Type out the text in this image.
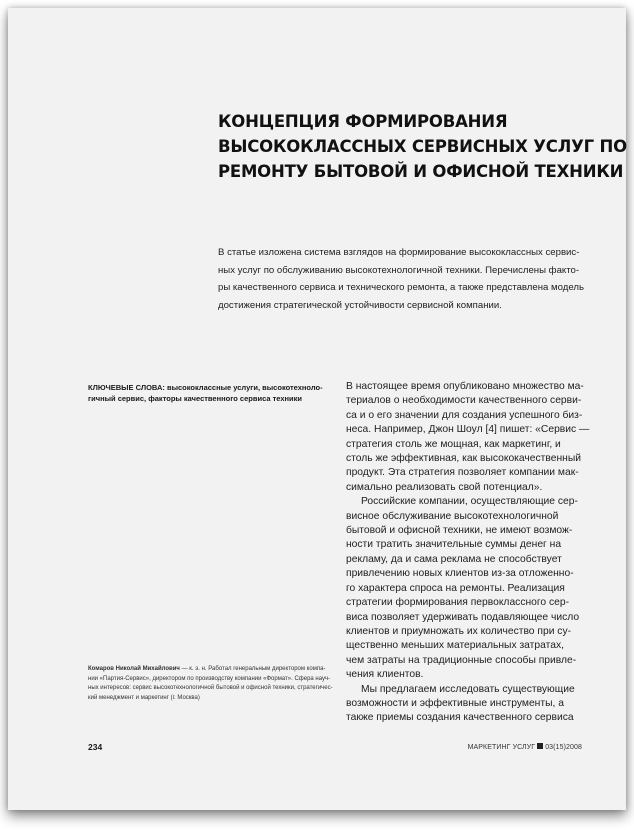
КОНЦЕПЦИЯ ФОРМИРОВАНИЯ
ВЫСОКОКЛАССНЫХ СЕРВИСНЫХ УСЛУГ ПО
РЕМОНТУ БЫТОВОЙ И ОФИСНОЙ ТЕХНИКИ
В статье изложена система взглядов на формирование высококлассных сервис-
ных услуг по обслуживанию высокотехнологичной техники. Перечислены факто-
ры качественного сервиса и технического ремонта, а также представлена модель
достижения стратегической устойчивости сервисной компании.
КЛЮЧЕВЫЕ СЛОВА: высококлассные услуги, высокотехноло-
гичный сервис, факторы качественного сервиса техники
В настоящее время опубликовано множество ма-
териалов о необходимости качественного серви-
са и о его значении для создания успешного биз-
неса. Например, Джон Шоул [4] пишет: «Сервис —
стратегия столь же мощная, как маркетинг, и
столь же эффективная, как высококачественный
продукт. Эта стратегия позволяет компании мак-
симально реализовать свой потенциал».
Российские компании, осуществляющие сер-
висное обслуживание высокотехнологичной
бытовой и офисной техники, не имеют возмож-
ности тратить значительные суммы денег на
рекламу, да и сама реклама не способствует
привлечению новых клиентов из-за отложенно-
го характера спроса на ремонты. Реализация
стратегии формирования первоклассного сер-
виса позволяет удерживать подавляющее число
клиентов и приумножать их количество при су-
щественно меньших материальных затратах,
чем затраты на традиционные способы привле-
чения клиентов.
Мы предлагаем исследовать существующие
возможности и эффективные инструменты, а
также приемы создания качественного сервиса
Комаров Николай Михайлович — к. э. н. Работал генеральным директором компа-
нии «Партия-Сервис», директором по производству компании «Формат». Сфера науч-
ных интересов: сервис высокотехнологичной бытовой и офисной техники, стратегичес-
кий менеджмент и маркетинг (г. Москва)
234	МАРКЕТИНГ УСЛУГ 03(15)2008
